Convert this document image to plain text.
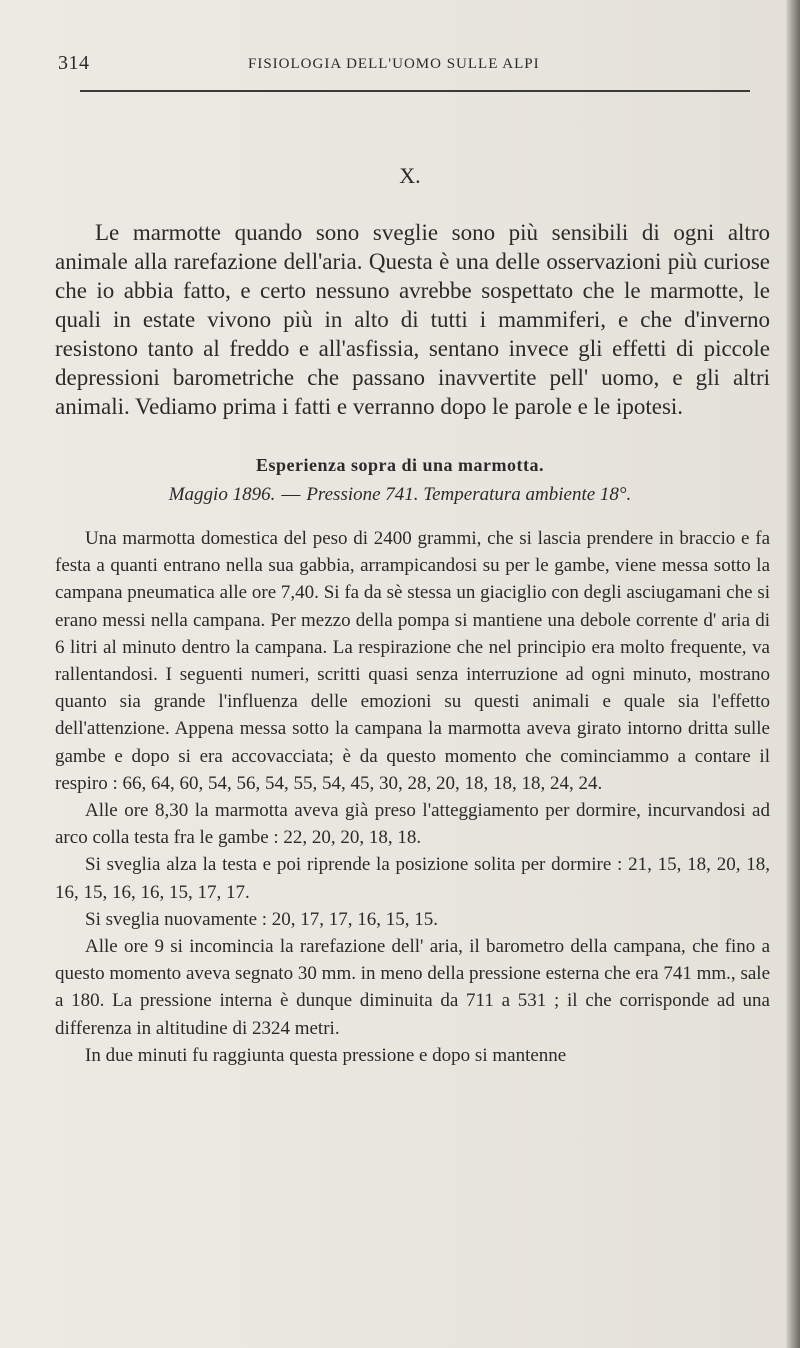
314	FISIOLOGIA DELL'UOMO SULLE ALPI
X.

Le marmotte quando sono sveglie sono più sensibili di ogni altro animale alla rarefazione dell'aria. Questa è una delle osservazioni più curiose che io abbia fatto, e certo nessuno avrebbe sospettato che le marmotte, le quali in estate vivono più in alto di tutti i mammiferi, e che d'inverno resistono tanto al freddo e all'asfissia, sentano invece gli effetti di piccole depressioni barometriche che passano inavvertite pell' uomo, e gli altri animali. Vediamo prima i fatti e verranno dopo le parole e le ipotesi.

Esperienza sopra di una marmotta.
Maggio 1896. — Pressione 741. Temperatura ambiente 18°.

Una marmotta domestica del peso di 2400 grammi, che si lascia prendere in braccio e fa festa a quanti entrano nella sua gabbia, arrampicandosi su per le gambe, viene messa sotto la campana pneumatica alle ore 7,40. Si fa da sè stessa un giaciglio con degli asciugamani che si erano messi nella campana. Per mezzo della pompa si mantiene una debole corrente d' aria di 6 litri al minuto dentro la campana. La respirazione che nel principio era molto frequente, va rallentandosi. I seguenti numeri, scritti quasi senza interruzione ad ogni minuto, mostrano quanto sia grande l'influenza delle emozioni su questi animali e quale sia l'effetto dell'attenzione. Appena messa sotto la campana la marmotta aveva girato intorno dritta sulle gambe e dopo si era accovacciata; è da questo momento che cominciammo a contare il respiro : 66, 64, 60, 54, 56, 54, 55, 54, 45, 30, 28, 20, 18, 18, 18, 24, 24.

Alle ore 8,30 la marmotta aveva già preso l'atteggiamento per dormire, incurvandosi ad arco colla testa fra le gambe : 22, 20, 20, 18, 18.

Si sveglia alza la testa e poi riprende la posizione solita per dormire : 21, 15, 18, 20, 18, 16, 15, 16, 16, 15, 17, 17.

Si sveglia nuovamente : 20, 17, 17, 16, 15, 15.

Alle ore 9 si incomincia la rarefazione dell' aria, il barometro della campana, che fino a questo momento aveva segnato 30 mm. in meno della pressione esterna che era 741 mm., sale a 180. La pressione interna è dunque diminuita da 711 a 531 ; il che corrisponde ad una differenza in altitudine di 2324 metri.

In due minuti fu raggiunta questa pressione e dopo si mantenne
